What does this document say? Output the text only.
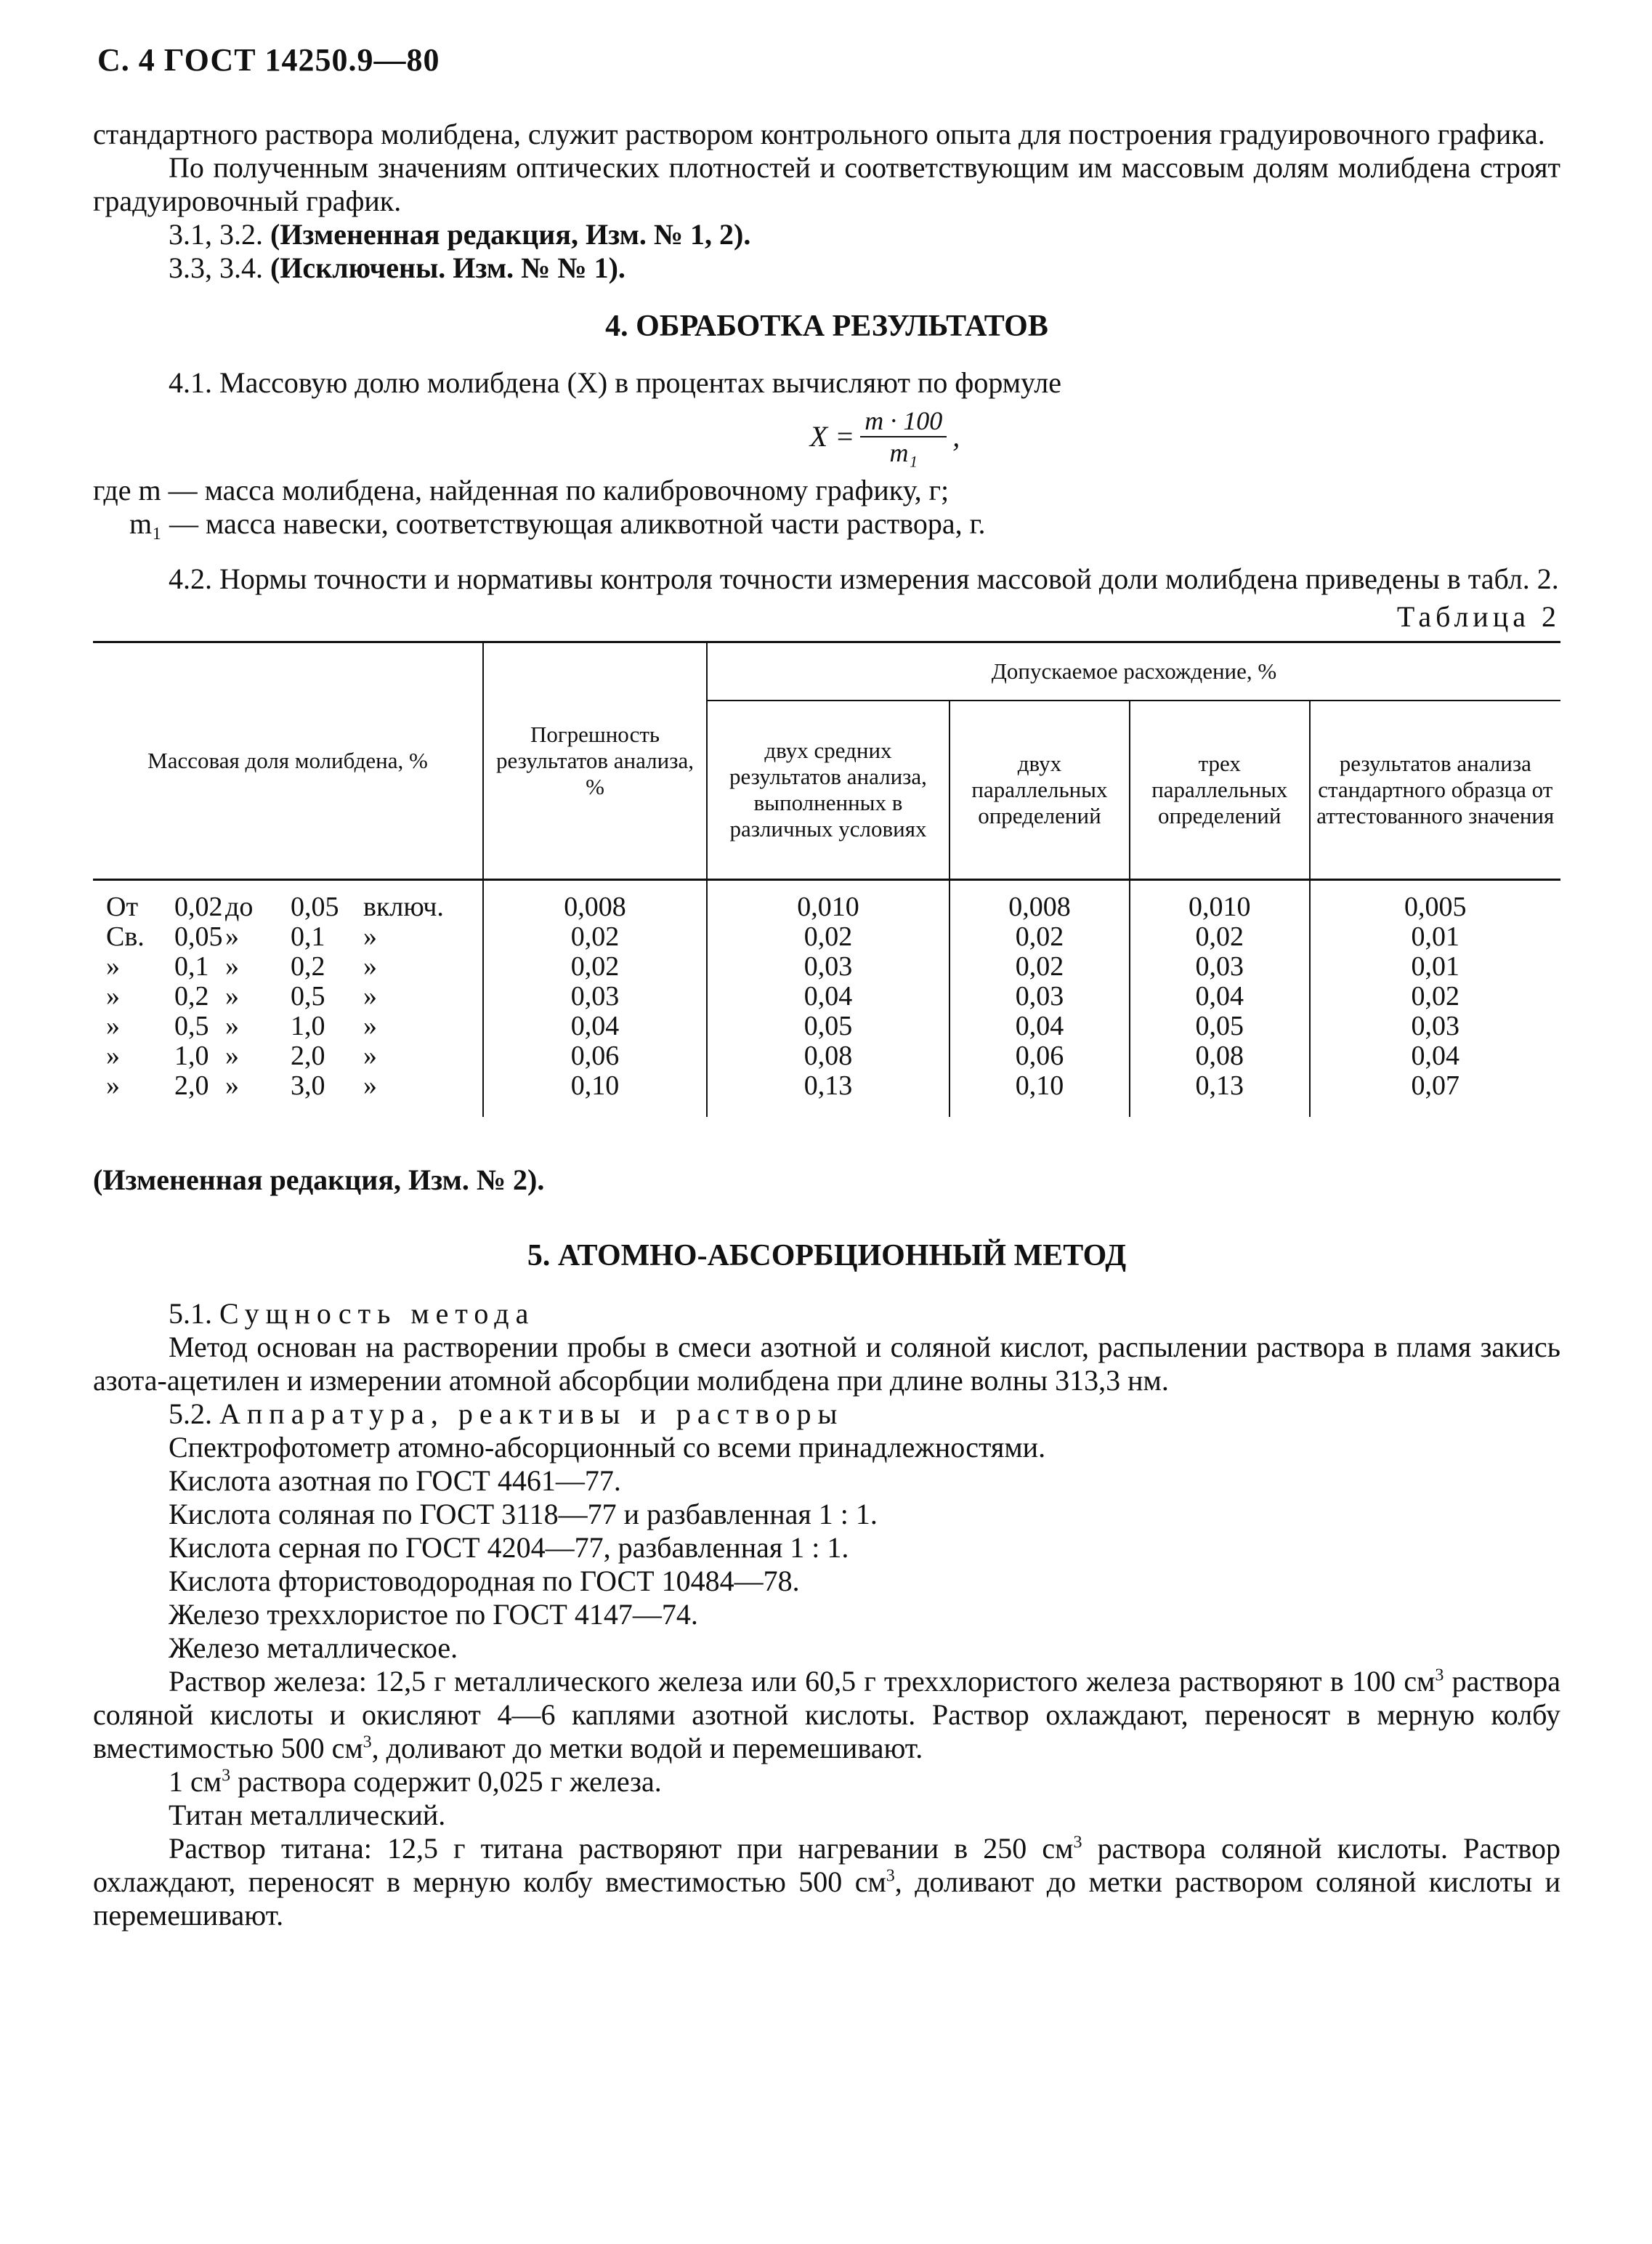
С. 4 ГОСТ 14250.9—80

стандартного раствора молибдена, служит раствором контрольного опыта для построения градуировочного графика.

По полученным значениям оптических плотностей и соответствующим им массовым долям молибдена строят градуировочный график.

3.1, 3.2. (Измененная редакция, Изм. № 1, 2).

3.3, 3.4. (Исключены. Изм. № № 1).

4. ОБРАБОТКА РЕЗУЛЬТАТОВ

4.1. Массовую долю молибдена (X) в процентах вычисляют по формуле

$X = \frac{m \cdot 100}{\text{m₁}}$ ,

где m — масса молибдена, найденная по калибровочному графику, г;

m₁ — масса навески, соответствующая аликвотной части раствора, г.

4.2. Нормы точности и нормативы контроля точности измерения массовой доли молибдена приведены в табл. 2.

Таблица 2
Массовая доля молибдена, %	Погрешность результатов анализа, %	Допускаемое расхождение, %			
		двух средних результатов анализа, выполненных в различных условиях	двух параллельных определений	трех параллельных определений	результатов анализа стандартного образца от аттестованного значения
От 0,02до 0,05 включ.	0,008	0,010	0,008	0,010	0,005
Св. 0,05» 0,1 »	0,02	0,02	0,02	0,02	0,01
» 0,1 » 0,2 »	0,02	0,03	0,02	0,03	0,01
» 0,2 » 0,5 »	0,03	0,04	0,03	0,04	0,02
» 0,5 » 1,0 »	0,04	0,05	0,04	0,05	0,03
» 1,0 » 2,0 »	0,06	0,08	0,06	0,08	0,04
» 2,0 » 3,0 »	0,10	0,13	0,10	0,13	0,07

(Измененная редакция, Изм. № 2).

5. АТОМНО-АБСОРБЦИОННЫЙ МЕТОД

5.1. Сущность метода

Метод основан на растворении пробы в смеси азотной и соляной кислот, распылении раствора в пламя закись азота-ацетилен и измерении атомной абсорбции молибдена при длине волны 313,3 нм.

5.2. Аппаратура, реактивы и растворы

Спектрофотометр атомно-абсорционный со всеми принадлежностями.

Кислота азотная по ГОСТ 4461—77.

Кислота соляная по ГОСТ 3118—77 и разбавленная 1 : 1.

Кислота серная по ГОСТ 4204—77, разбавленная 1 : 1.

Кислота фтористоводородная по ГОСТ 10484—78.

Железо треххлористое по ГОСТ 4147—74.

Железо металлическое.

Раствор железа: 12,5 г металлического железа или 60,5 г треххлористого железа растворяют в 100 $см^3$ раствора соляной кислоты и окисляют 4—6 каплями азотной кислоты. Раствор охлаждают, переносят в мерную колбу вместимостью 500 $см^3$, доливают до метки водой и перемешивают.

1 $см^3$ раствора содержит 0,025 г железа.

Титан металлический.

Раствор титана: 12,5 г титана растворяют при нагревании в 250 $см^3$ раствора соляной кислоты. Раствор охлаждают, переносят в мерную колбу вместимостью 500 $см^3$, доливают до метки раствором соляной кислоты и перемешивают.
